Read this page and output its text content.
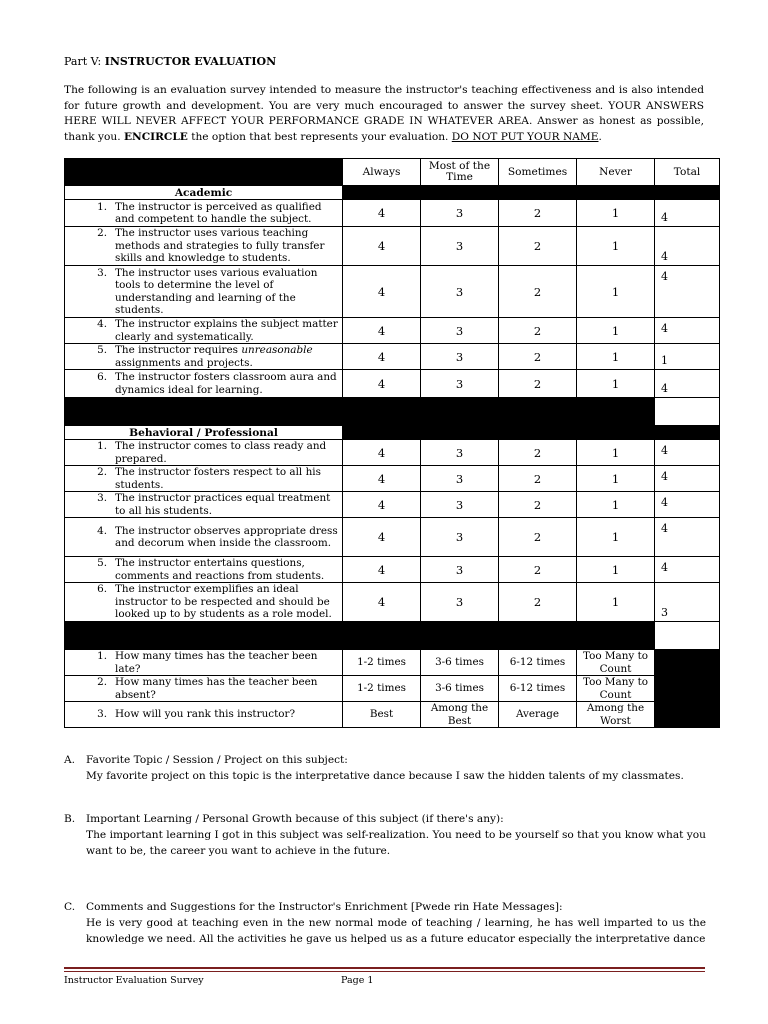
Part V: INSTRUCTOR EVALUATION
The following is an evaluation survey intended to measure the instructor's teaching effectiveness and is also intended for future growth and development. You are very much encouraged to answer the survey sheet. YOUR ANSWERS HERE WILL NEVER AFFECT YOUR PERFORMANCE GRADE IN WHATEVER AREA. Answer as honest as possible, thank you. ENCIRCLE the option that best represents your evaluation. DO NOT PUT YOUR NAME.
	Always	Most of the Time	Sometimes	Never	Total
Academic					

1. The instructor is perceived as qualified and competent to handle the subject.	4	3	2	1	4

2. The instructor uses various teaching methods and strategies to fully transfer skills and knowledge to students.	4	3	2	1	4

3. The instructor uses various evaluation tools to determine the level of understanding and learning of the students.	4	3	2	1	4

4. The instructor explains the subject matter clearly and systematically.	4	3	2	1	4

5. The instructor requires unreasonable assignments and projects.	4	3	2	1	1

6. The instructor fosters classroom aura and dynamics ideal for learning.	4	3	2	1	4

Behavioral / Professional					

1. The instructor comes to class ready and prepared.	4	3	2	1	4

2. The instructor fosters respect to all his students.	4	3	2	1	4

3. The instructor practices equal treatment to all his students.	4	3	2	1	4

4. The instructor observes appropriate dress and decorum when inside the classroom.	4	3	2	1	4

5. The instructor entertains questions, comments and reactions from students.	4	3	2	1	4

6. The instructor exemplifies an ideal instructor to be respected and should be looked up to by students as a role model.	4	3	2	1	3

1. How many times has the teacher been late?	1-2 times	3-6 times	6-12 times	Too Many to Count	

2. How many times has the teacher been absent?	1-2 times	3-6 times	6-12 times	Too Many to Count	

3. How will you rank this instructor?	Best	Among the Best	Average	Among the Worst	
A. Favorite Topic / Session / Project on this subject:
My favorite project on this topic is the interpretative dance because I saw the hidden talents of my classmates.
B. Important Learning / Personal Growth because of this subject (if there's any):
The important learning I got in this subject was self-realization. You need to be yourself so that you know what you want to be, the career you want to achieve in the future.
C. Comments and Suggestions for the Instructor's Enrichment [Pwede rin Hate Messages]:
He is very good at teaching even in the new normal mode of teaching / learning, he has well imparted to us the knowledge we need. All the activities he gave us helped us as a future educator especially the interpretative dance
Instructor Evaluation Survey	Page 1
